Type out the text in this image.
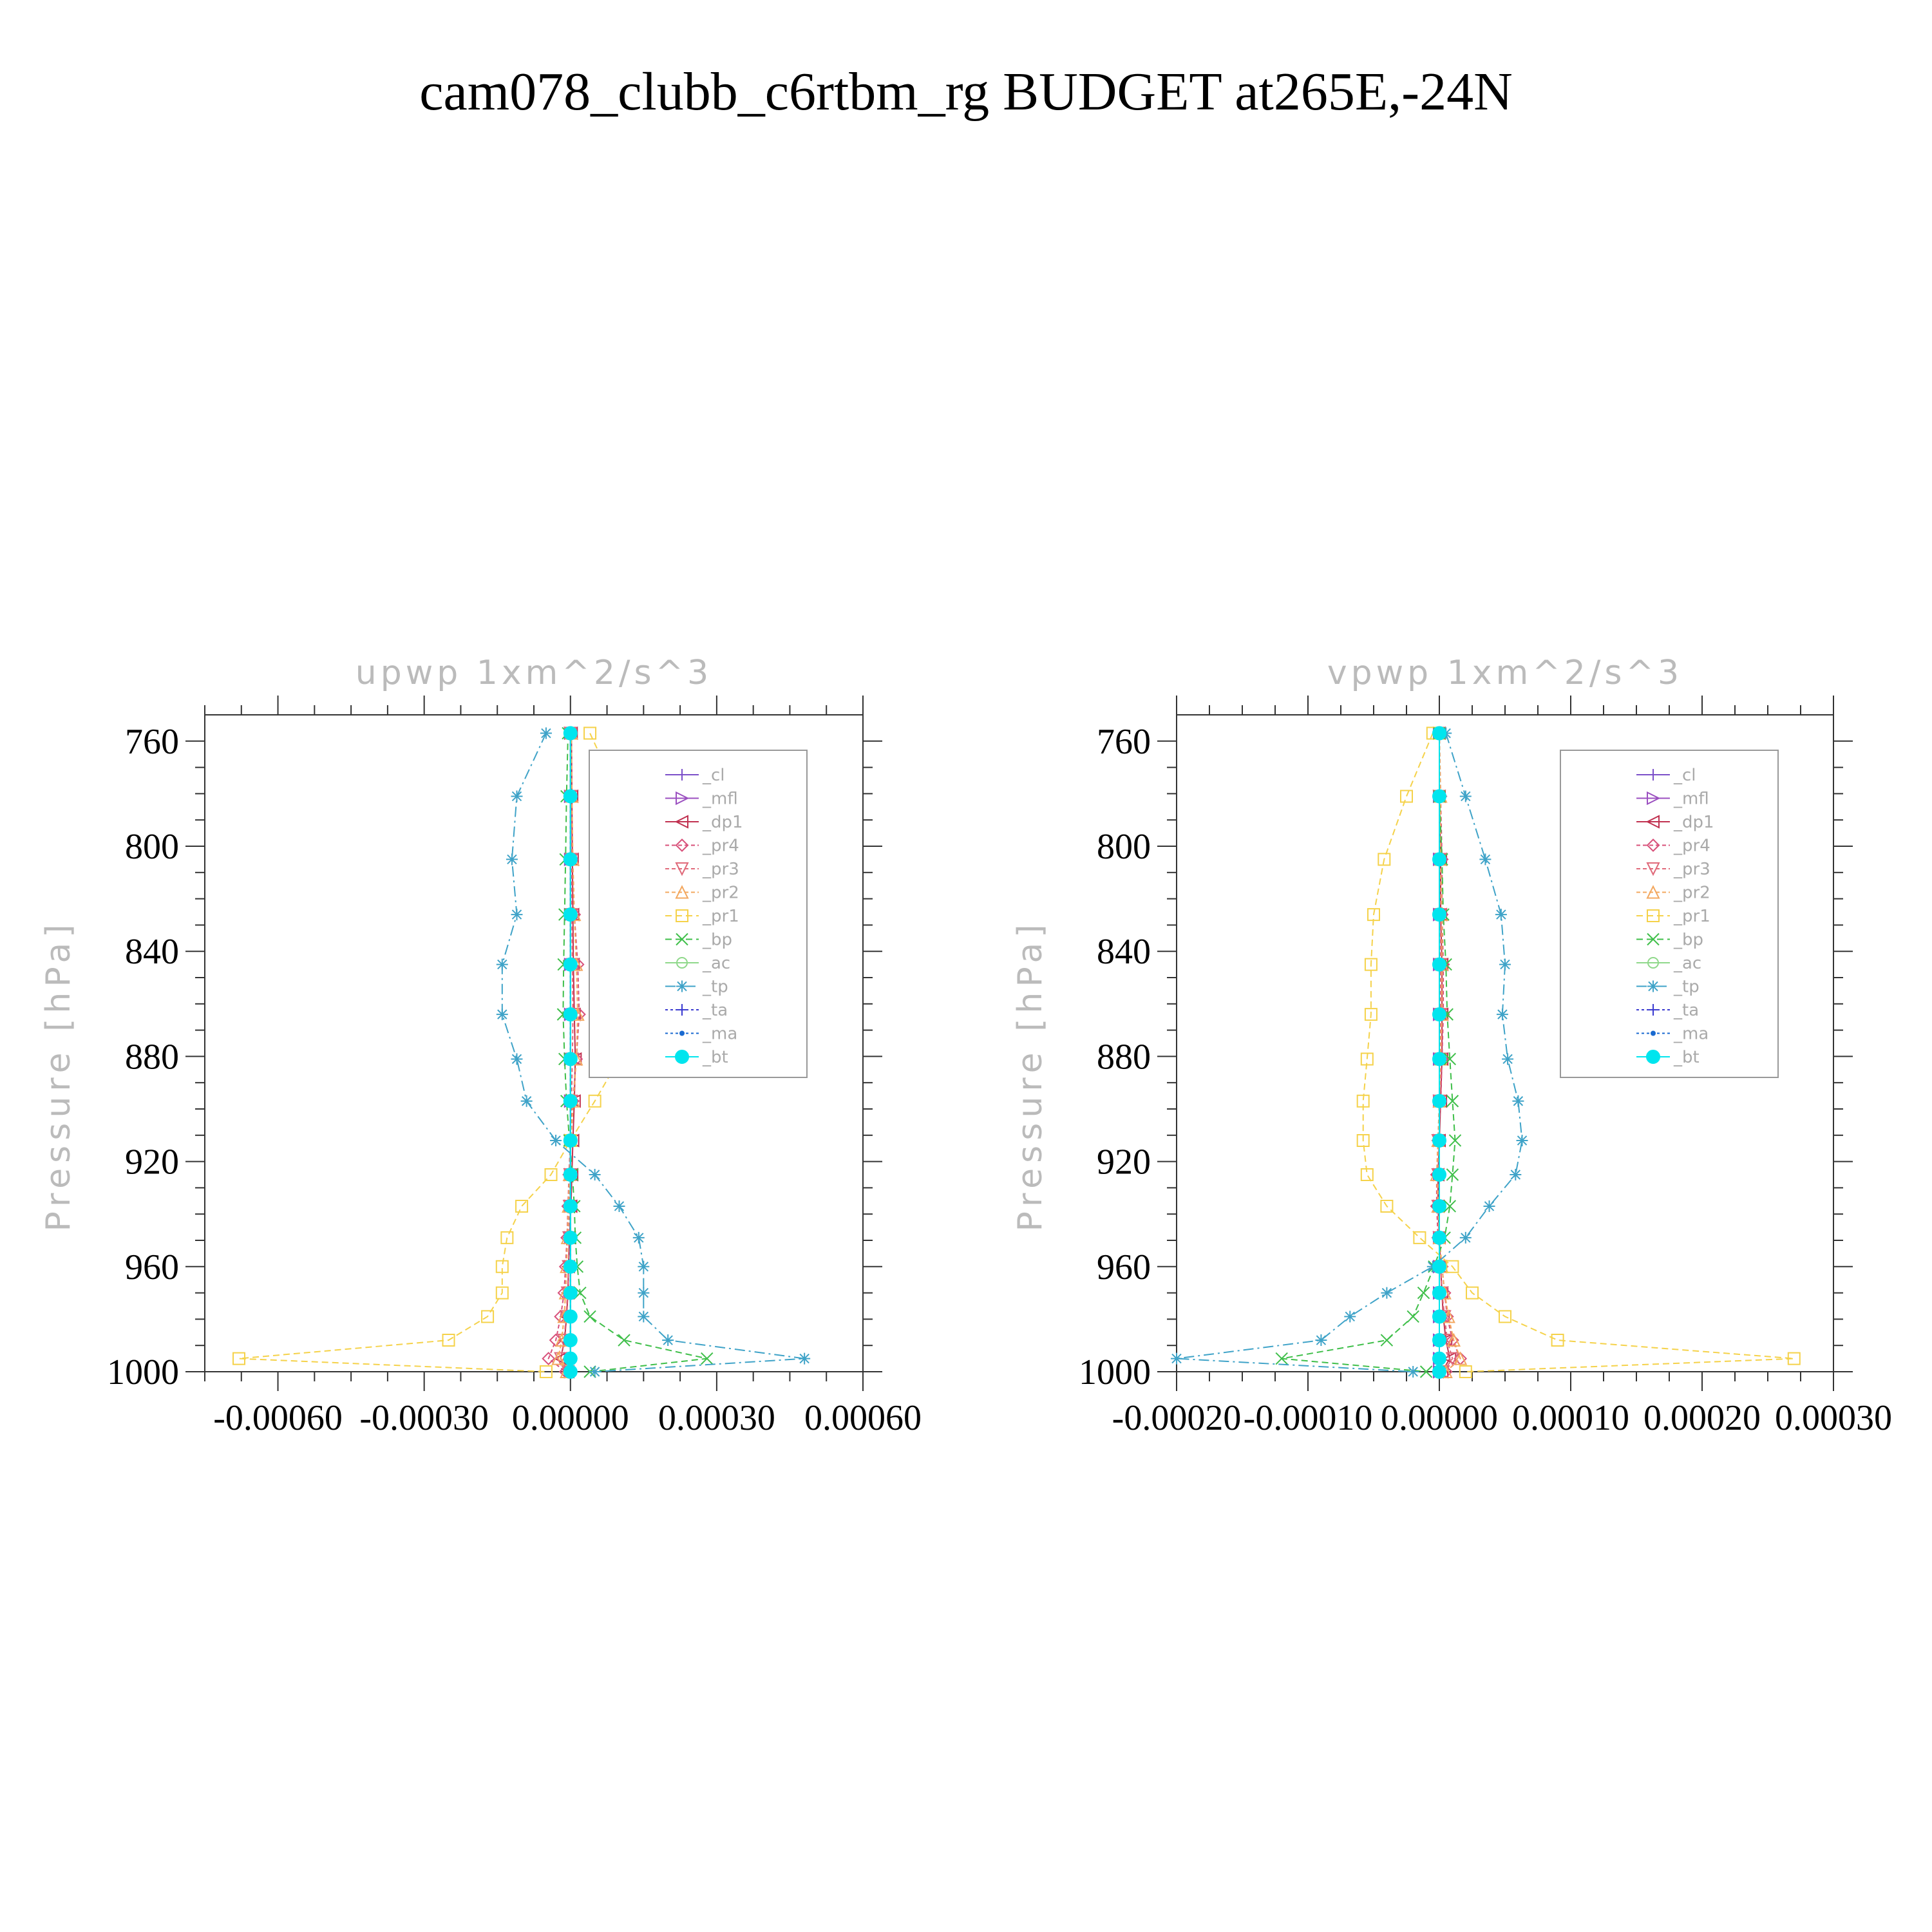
cam078_clubb_c6rtbm_rg BUDGET at265E,-24N
upwp 1xm^2/s^3
Pressure [hPa]
760
800
840
880
920
960
1000
-0.00060 -0.00030 0.00000 0.00030 0.00060
_cl
_mfl
_dp1
_pr4
_pr3
_pr2
_pr1
_bp
_ac
_tp
_ta
_ma
_bt
vpwp 1xm^2/s^3
Pressure [hPa]
760
800
840
880
920
960
1000
-0.00020 -0.00010 0.00000 0.00010 0.00020 0.00030
_cl
_mfl
_dp1
_pr4
_pr3
_pr2
_pr1
_bp
_ac
_tp
_ta
_ma
_bt
